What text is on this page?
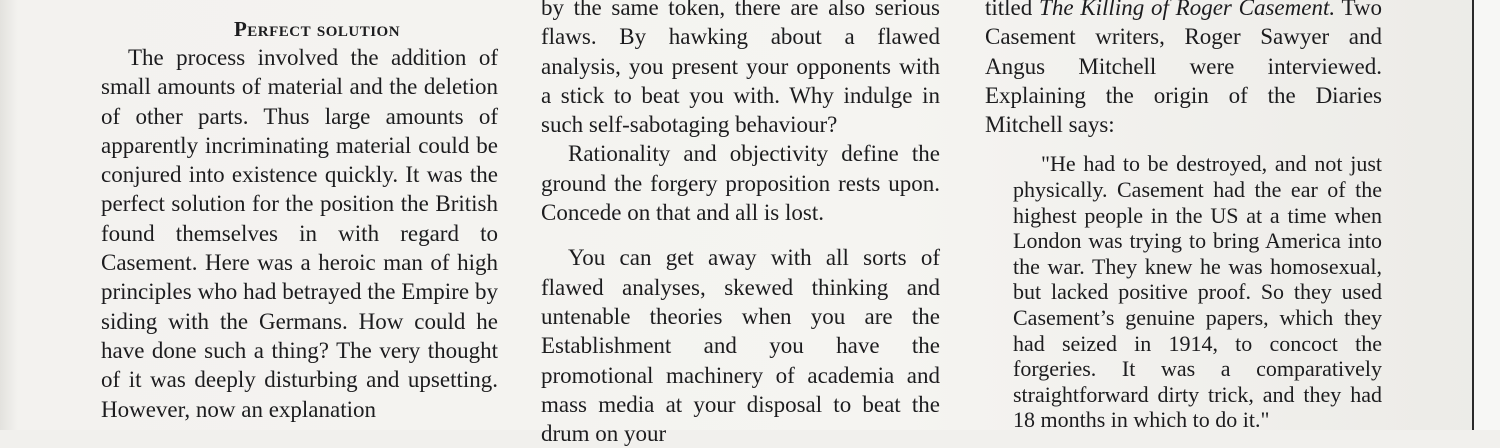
Perfect solution

The process involved the addition of small amounts of material and the deletion of other parts. Thus large amounts of apparently incriminating material could be conjured into existence quickly. It was the perfect solution for the position the British found themselves in with regard to Casement. Here was a heroic man of high principles who had betrayed the Empire by siding with the Germans. How could he have done such a thing? The very thought of it was deeply disturbing and upsetting. However, now an explanation

by the same token, there are also serious flaws. By hawking about a flawed analysis, you present your opponents with a stick to beat you with. Why indulge in such self-sabotaging behaviour?

Rationality and objectivity define the ground the forgery proposition rests upon. Concede on that and all is lost.

You can get away with all sorts of flawed analyses, skewed thinking and untenable theories when you are the Establishment and you have the promotional machinery of academia and mass media at your disposal to beat the drum on your

titled The Killing of Roger Casement. Two Casement writers, Roger Sawyer and Angus Mitchell were interviewed. Explaining the origin of the Diaries Mitchell says:

"He had to be destroyed, and not just physically. Casement had the ear of the highest people in the US at a time when London was trying to bring America into the war. They knew he was homosexual, but lacked positive proof. So they used Casement’s genuine papers, which they had seized in 1914, to concoct the forgeries. It was a comparatively straightforward dirty trick, and they had 18 months in which to do it."
